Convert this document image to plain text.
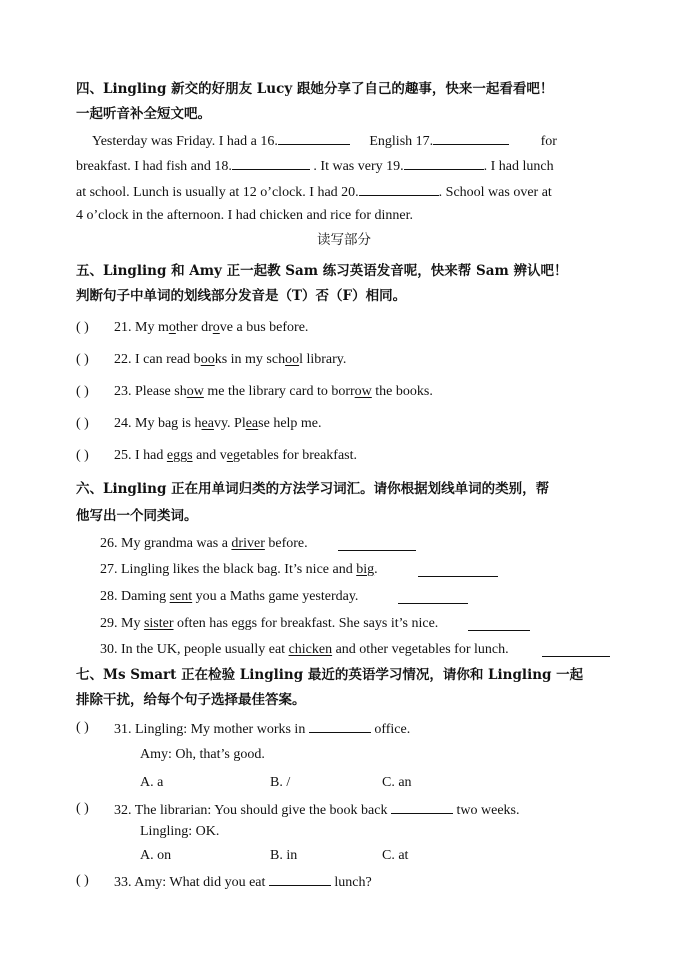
四、Lingling 新交的好朋友 Lucy 跟她分享了自己的趣事，快来一起看看吧！
一起听音补全短文吧。
Yesterday was Friday. I had a 16.	English 17.	for
breakfast. I had fish and 18.	. It was very 19.	. I had lunch
at school. Lunch is usually at 12 o’clock. I had 20.	. School was over at
4 o’clock in the afternoon. I had chicken and rice for dinner.
读写部分
五、Lingling 和 Amy 正一起教 Sam 练习英语发音呢，快来帮 Sam 辨认吧！
判断句子中单词的划线部分发音是（T）否（F）相同。
( ) 21. My mother drove a bus before.
( ) 22. I can read books in my school library.
( ) 23. Please show me the library card to borrow the books.
( ) 24. My bag is heavy. Please help me.
( ) 25. I had eggs and vegetables for breakfast.
六、Lingling 正在用单词归类的方法学习词汇。请你根据划线单词的类别，帮
他写出一个同类词。
26. My grandma was a driver before.
27. Lingling likes the black bag. It’s nice and big.
28. Daming sent you a Maths game yesterday.
29. My sister often has eggs for breakfast. She says it’s nice.
30. In the UK, people usually eat chicken and other vegetables for lunch.
七、Ms Smart 正在检验 Lingling 最近的英语学习情况，请你和 Lingling 一起
排除干扰，给每个句子选择最佳答案。
( ) 31. Lingling: My mother works in	office.
Amy: Oh, that’s good.
A. a	B. /	C. an
( ) 32. The librarian: You should give the book back	two weeks.
Lingling: OK.
A. on	B. in	C. at
( ) 33. Amy: What did you eat	lunch?
